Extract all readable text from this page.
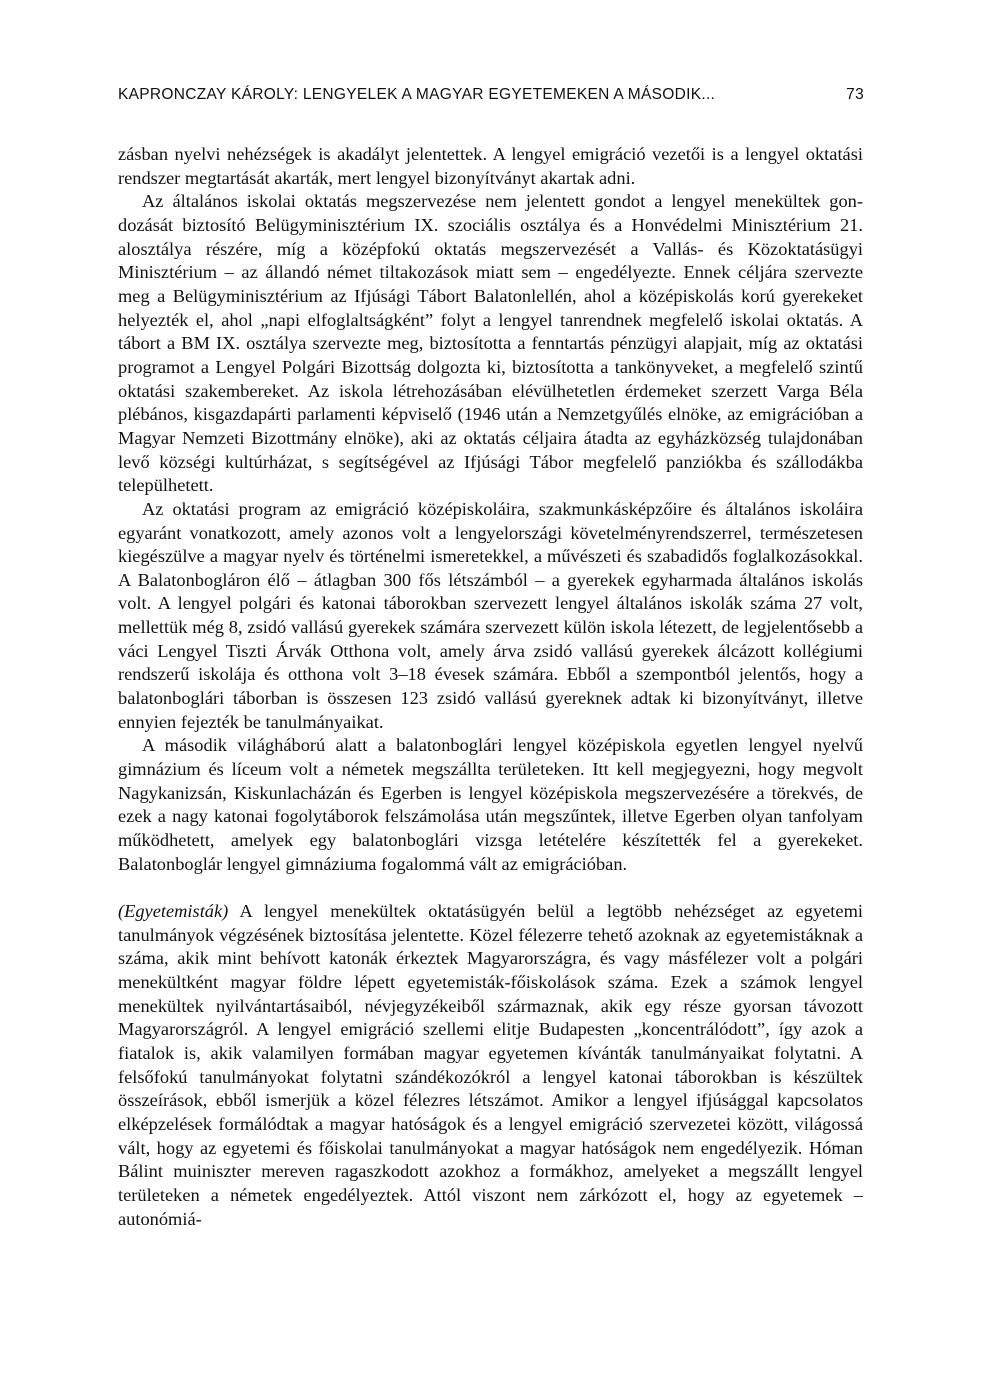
KAPRONCZAY KÁROLY: LENGYELEK A MAGYAR EGYETEMEKEN A MÁSODIK...	73

zásban nyelvi nehézségek is akadályt jelentettek. A lengyel emigráció vezetői is a lengyel oktatási rendszer megtartását akarták, mert lengyel bizonyítványt akartak adni.

Az általános iskolai oktatás megszervezése nem jelentett gondot a lengyel menekültek gondozását biztosító Belügyminisztérium IX. szociális osztálya és a Honvédelmi Minisztérium 21. alosztálya részére, míg a középfokú oktatás megszervezését a Vallás- és Közoktatásügyi Minisztérium – az állandó német tiltakozások miatt sem – engedélyezte. Ennek céljára szervezte meg a Belügyminisztérium az Ifjúsági Tábort Balatonlellén, ahol a középiskolás korú gyerekeket helyezték el, ahol „napi elfoglaltságként” folyt a lengyel tanrendnek megfelelő iskolai oktatás. A tábort a BM IX. osztálya szervezte meg, biztosította a fenntartás pénzügyi alapjait, míg az oktatási programot a Lengyel Polgári Bizottság dolgozta ki, biztosította a tankönyveket, a megfelelő szintű oktatási szakembereket. Az iskola létrehozásában elévülhetetlen érdemeket szerzett Varga Béla plébános, kisgazdapárti parlamenti képviselő (1946 után a Nemzetgyűlés elnöke, az emigrációban a Magyar Nemzeti Bizottmány elnöke), aki az oktatás céljaira átadta az egyházközség tulajdonában levő községi kultúrházat, s segítségével az Ifjúsági Tábor megfelelő panziókba és szállodákba települhetett.

Az oktatási program az emigráció középiskoláira, szakmunkásképzőire és általános iskoláira egyaránt vonatkozott, amely azonos volt a lengyelországi követelményrendszerrel, természetesen kiegészülve a magyar nyelv és történelmi ismeretekkel, a művészeti és szabadidős foglalkozásokkal. A Balatonbogláron élő – átlagban 300 fős létszámból – a gyerekek egyharmada általános iskolás volt. A lengyel polgári és katonai táborokban szervezett lengyel általános iskolák száma 27 volt, mellettük még 8, zsidó vallású gyerekek számára szervezett külön iskola létezett, de legjelentősebb a váci Lengyel Tiszti Árvák Otthona volt, amely árva zsidó vallású gyerekek álcázott kollégiumi rendszerű iskolája és otthona volt 3–18 évesek számára. Ebből a szempontból jelentős, hogy a balatonboglári táborban is összesen 123 zsidó vallású gyereknek adtak ki bizonyítványt, illetve ennyien fejezték be tanulmányaikat.

A második világháború alatt a balatonboglári lengyel középiskola egyetlen lengyel nyelvű gimnázium és líceum volt a németek megszállta területeken. Itt kell megjegyezni, hogy megvolt Nagykanizsán, Kiskunlacházán és Egerben is lengyel középiskola megszervezésére a törekvés, de ezek a nagy katonai fogolytáborok felszámolása után megszűntek, illetve Egerben olyan tanfolyam működhetett, amelyek egy balatonboglári vizsga letételére készítették fel a gyerekeket. Balatonboglár lengyel gimnáziuma fogalommá vált az emigrációban.

(Egyetemisták) A lengyel menekültek oktatásügyén belül a legtöbb nehézséget az egyetemi tanulmányok végzésének biztosítása jelentette. Közel félezerre tehető azoknak az egyetemistáknak a száma, akik mint behívott katonák érkeztek Magyarországra, és vagy másfélezer volt a polgári menekültként magyar földre lépett egyetemisták-főiskolások száma. Ezek a számok lengyel menekültek nyilvántartásaiból, névjegyzékeiből származnak, akik egy része gyorsan távozott Magyarországról. A lengyel emigráció szellemi elitje Budapesten „koncentrálódott”, így azok a fiatalok is, akik valamilyen formában magyar egyetemen kívánták tanulmányaikat folytatni. A felsőfokú tanulmányokat folytatni szándékozókról a lengyel katonai táborokban is készültek összeírások, ebből ismerjük a közel félezres létszámot. Amikor a lengyel ifjúsággal kapcsolatos elképzelések formálódtak a magyar hatóságok és a lengyel emigráció szervezetei között, világossá vált, hogy az egyetemi és főiskolai tanulmányokat a magyar hatóságok nem engedélyezik. Hóman Bálint muiniszter mereven ragaszkodott azokhoz a formákhoz, amelyeket a megszállt lengyel területeken a németek engedélyeztek. Attól viszont nem zárkózott el, hogy az egyetemek – autonómiá-
